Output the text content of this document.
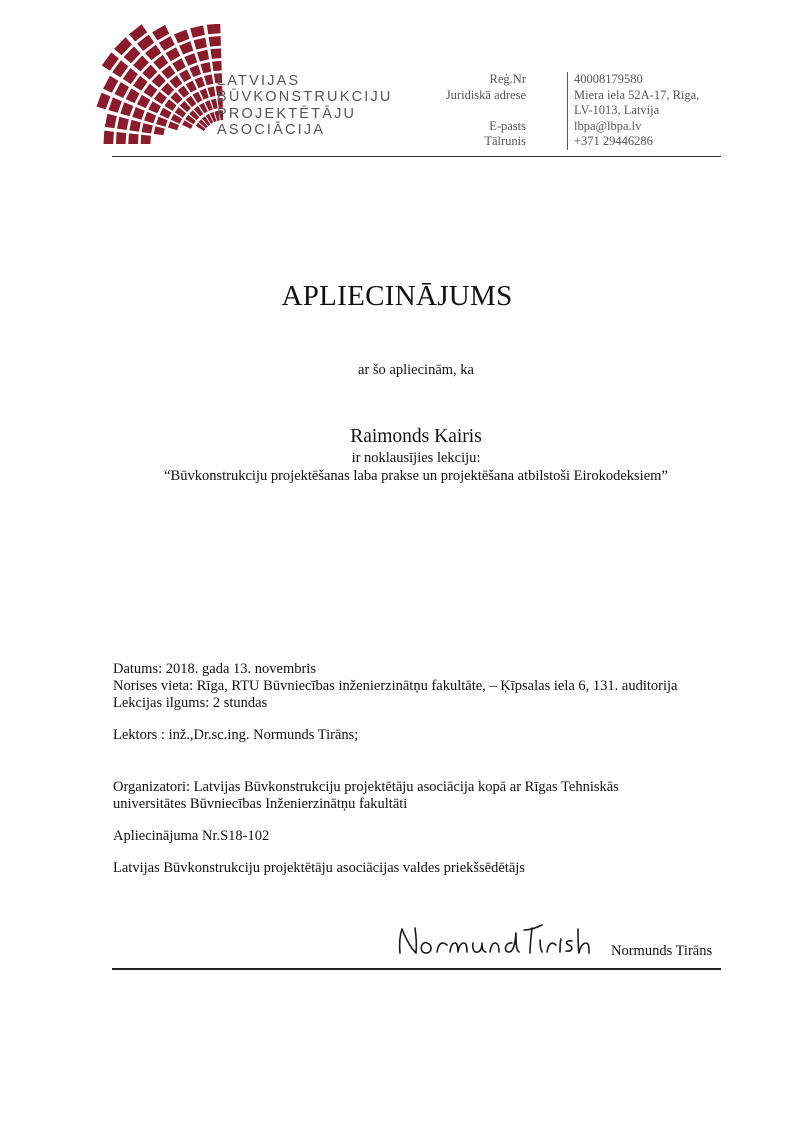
LATVIJAS
BŪVKONSTRUKCIJU
PROJEKTĒTĀJU
ASOCIĀCIJA
Reģ.Nr	40008179580
Juridiskā adrese	Miera iela 52A-17, Rīga,
LV-1013, Latvija
E-pasts	lbpa@lbpa.lv
Tālrunis	+371 29446286
APLIECINĀJUMS
ar šo apliecinām, ka
Raimonds Kairis
ir noklausījies lekciju:
“Būvkonstrukciju projektēšanas laba prakse un projektēšana atbilstoši Eirokodeksiem”

Datums: 2018. gada 13. novembris

Norises vieta: Rīga, RTU Būvniecības inženierzinātņu fakultāte, – Ķīpsalas iela 6, 131. auditorija

Lekcijas ilgums: 2 stundas

Lektors : inž.,Dr.sc.ing. Normunds Tirāns;

Organizatori: Latvijas Būvkonstrukciju projektētāju asociācija kopā ar Rīgas Tehniskās

universitātes Būvniecības Inženierzinātņu fakultāti

Apliecinājuma Nr.S18-102

Latvijas Būvkonstrukciju projektētāju asociācijas valdes priekšsēdētājs

Normunds Tirāns
